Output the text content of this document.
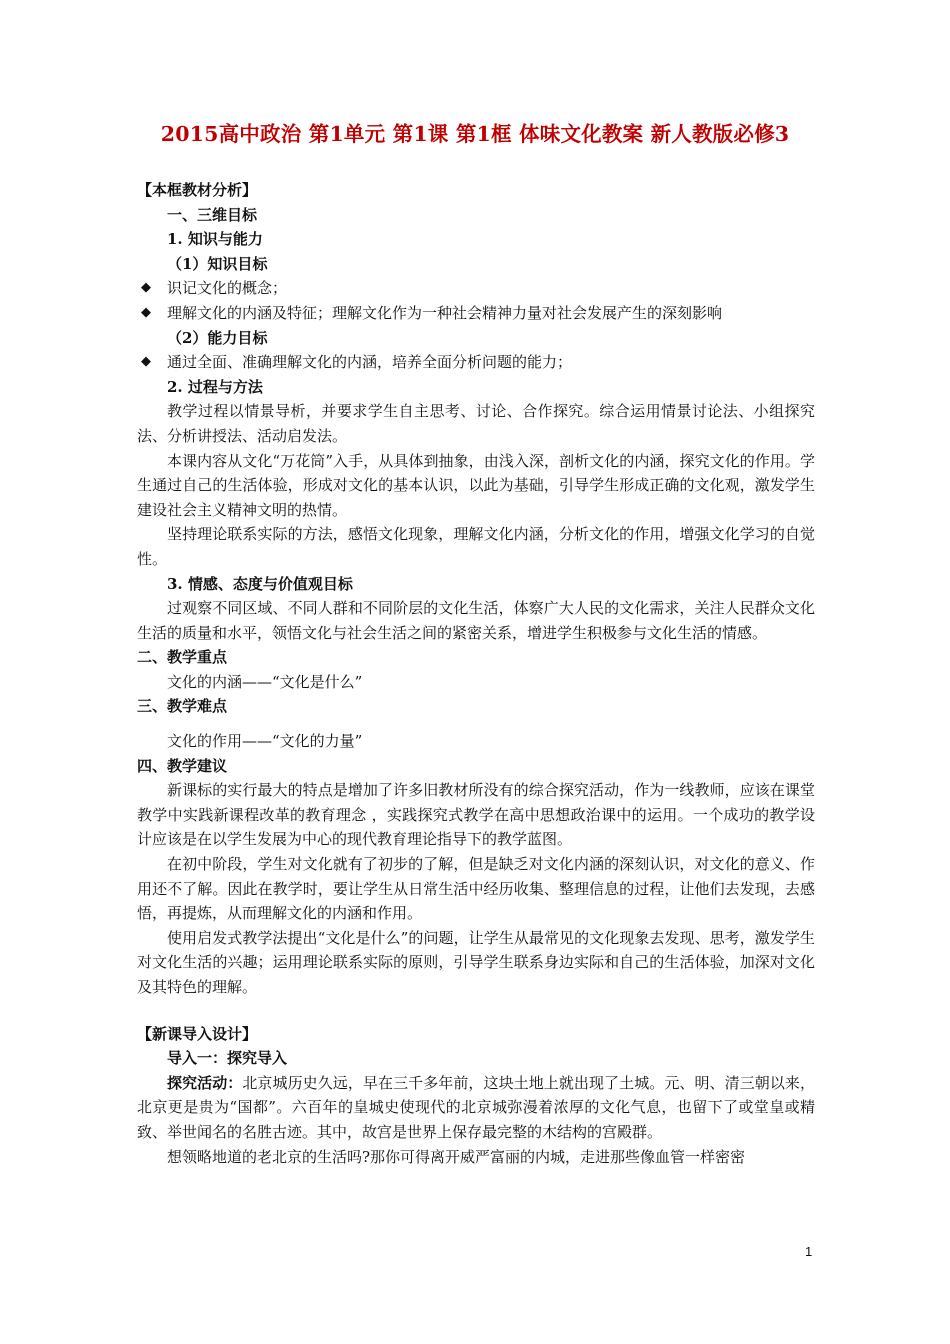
2015高中政治 第1单元 第1课 第1框 体味文化教案 新人教版必修3

【本框教材分析】

一、三维目标

1. 知识与能力

（1）知识目标

◆ 识记文化的概念；

◆ 理解文化的内涵及特征；理解文化作为一种社会精神力量对社会发展产生的深刻影响

（2）能力目标

◆ 通过全面、准确理解文化的内涵，培养全面分析问题的能力；

2. 过程与方法

教学过程以情景导析，并要求学生自主思考、讨论、合作探究。综合运用情景讨论法、小组探究法、分析讲授法、活动启发法。

本课内容从文化“万花筒”入手，从具体到抽象，由浅入深，剖析文化的内涵，探究文化的作用。学生通过自己的生活体验，形成对文化的基本认识，以此为基础，引导学生形成正确的文化观，激发学生建设社会主义精神文明的热情。

坚持理论联系实际的方法，感悟文化现象，理解文化内涵，分析文化的作用，增强文化学习的自觉性。

3. 情感、态度与价值观目标

过观察不同区域、不同人群和不同阶层的文化生活，体察广大人民的文化需求，关注人民群众文化生活的质量和水平，领悟文化与社会生活之间的紧密关系，增进学生积极参与文化生活的情感。

二、教学重点

文化的内涵——“文化是什么”

三、教学难点

文化的作用——“文化的力量”

四、教学建议

新课标的实行最大的特点是增加了许多旧教材所没有的综合探究活动，作为一线教师，应该在课堂教学中实践新课程改革的教育理念 ，实践探究式教学在高中思想政治课中的运用。一个成功的教学设计应该是在以学生发展为中心的现代教育理论指导下的教学蓝图。

在初中阶段，学生对文化就有了初步的了解，但是缺乏对文化内涵的深刻认识，对文化的意义、作用还不了解。因此在教学时，要让学生从日常生活中经历收集、整理信息的过程，让他们去发现，去感悟，再提炼，从而理解文化的内涵和作用。

使用启发式教学法提出“文化是什么”的问题，让学生从最常见的文化现象去发现、思考，激发学生对文化生活的兴趣；运用理论联系实际的原则，引导学生联系身边实际和自己的生活体验，加深对文化及其特色的理解。

【新课导入设计】

导入一：探究导入

探究活动：北京城历史久远，早在三千多年前，这块土地上就出现了土城。元、明、清三朝以来，北京更是贵为“国都”。六百年的皇城史使现代的北京城弥漫着浓厚的文化气息，也留下了或堂皇或精致、举世闻名的名胜古迹。其中，故宫是世界上保存最完整的木结构的宫殿群。

想领略地道的老北京的生活吗?那你可得离开威严富丽的内城，走进那些像血管一样密密

1
